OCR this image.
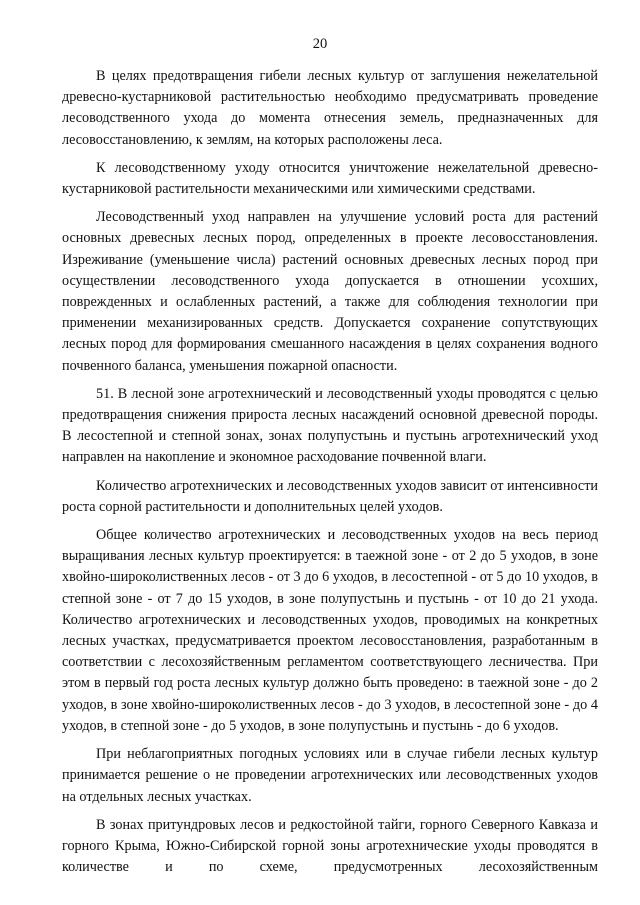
20

В целях предотвращения гибели лесных культур от заглушения нежелательной древесно-кустарниковой растительностью необходимо предусматривать проведение лесоводственного ухода до момента отнесения земель, предназначенных для лесовосстановлению, к землям, на которых расположены леса.

К лесоводственному уходу относится уничтожение нежелательной древесно-кустарниковой растительности механическими или химическими средствами.

Лесоводственный уход направлен на улучшение условий роста для растений основных древесных лесных пород, определенных в проекте лесовосстановления. Изреживание (уменьшение числа) растений основных древесных лесных пород при осуществлении лесоводственного ухода допускается в отношении усохших, поврежденных и ослабленных растений, а также для соблюдения технологии при применении механизированных средств. Допускается сохранение сопутствующих лесных пород для формирования смешанного насаждения в целях сохранения водного почвенного баланса, уменьшения пожарной опасности.

51. В лесной зоне агротехнический и лесоводственный уходы проводятся с целью предотвращения снижения прироста лесных насаждений основной древесной породы. В лесостепной и степной зонах, зонах полупустынь и пустынь агротехнический уход направлен на накопление и экономное расходование почвенной влаги.

Количество агротехнических и лесоводственных уходов зависит от интенсивности роста сорной растительности и дополнительных целей уходов.

Общее количество агротехнических и лесоводственных уходов на весь период выращивания лесных культур проектируется: в таежной зоне - от 2 до 5 уходов, в зоне хвойно-широколиственных лесов - от 3 до 6 уходов, в лесостепной - от 5 до 10 уходов, в степной зоне - от 7 до 15 уходов, в зоне полупустынь и пустынь - от 10 до 21 ухода. Количество агротехнических и лесоводственных уходов, проводимых на конкретных лесных участках, предусматривается проектом лесовосстановления, разработанным в соответствии с лесохозяйственным регламентом соответствующего лесничества. При этом в первый год роста лесных культур должно быть проведено: в таежной зоне - до 2 уходов, в зоне хвойно-широколиственных лесов - до 3 уходов, в лесостепной зоне - до 4 уходов, в степной зоне - до 5 уходов, в зоне полупустынь и пустынь - до 6 уходов.

При неблагоприятных погодных условиях или в случае гибели лесных культур принимается решение о не проведении агротехнических или лесоводственных уходов на отдельных лесных участках.

В зонах притундровых лесов и редкостойной тайги, горного Северного Кавказа и горного Крыма, Южно-Сибирской горной зоны агротехнические уходы проводятся в количестве и по схеме, предусмотренных лесохозяйственным
